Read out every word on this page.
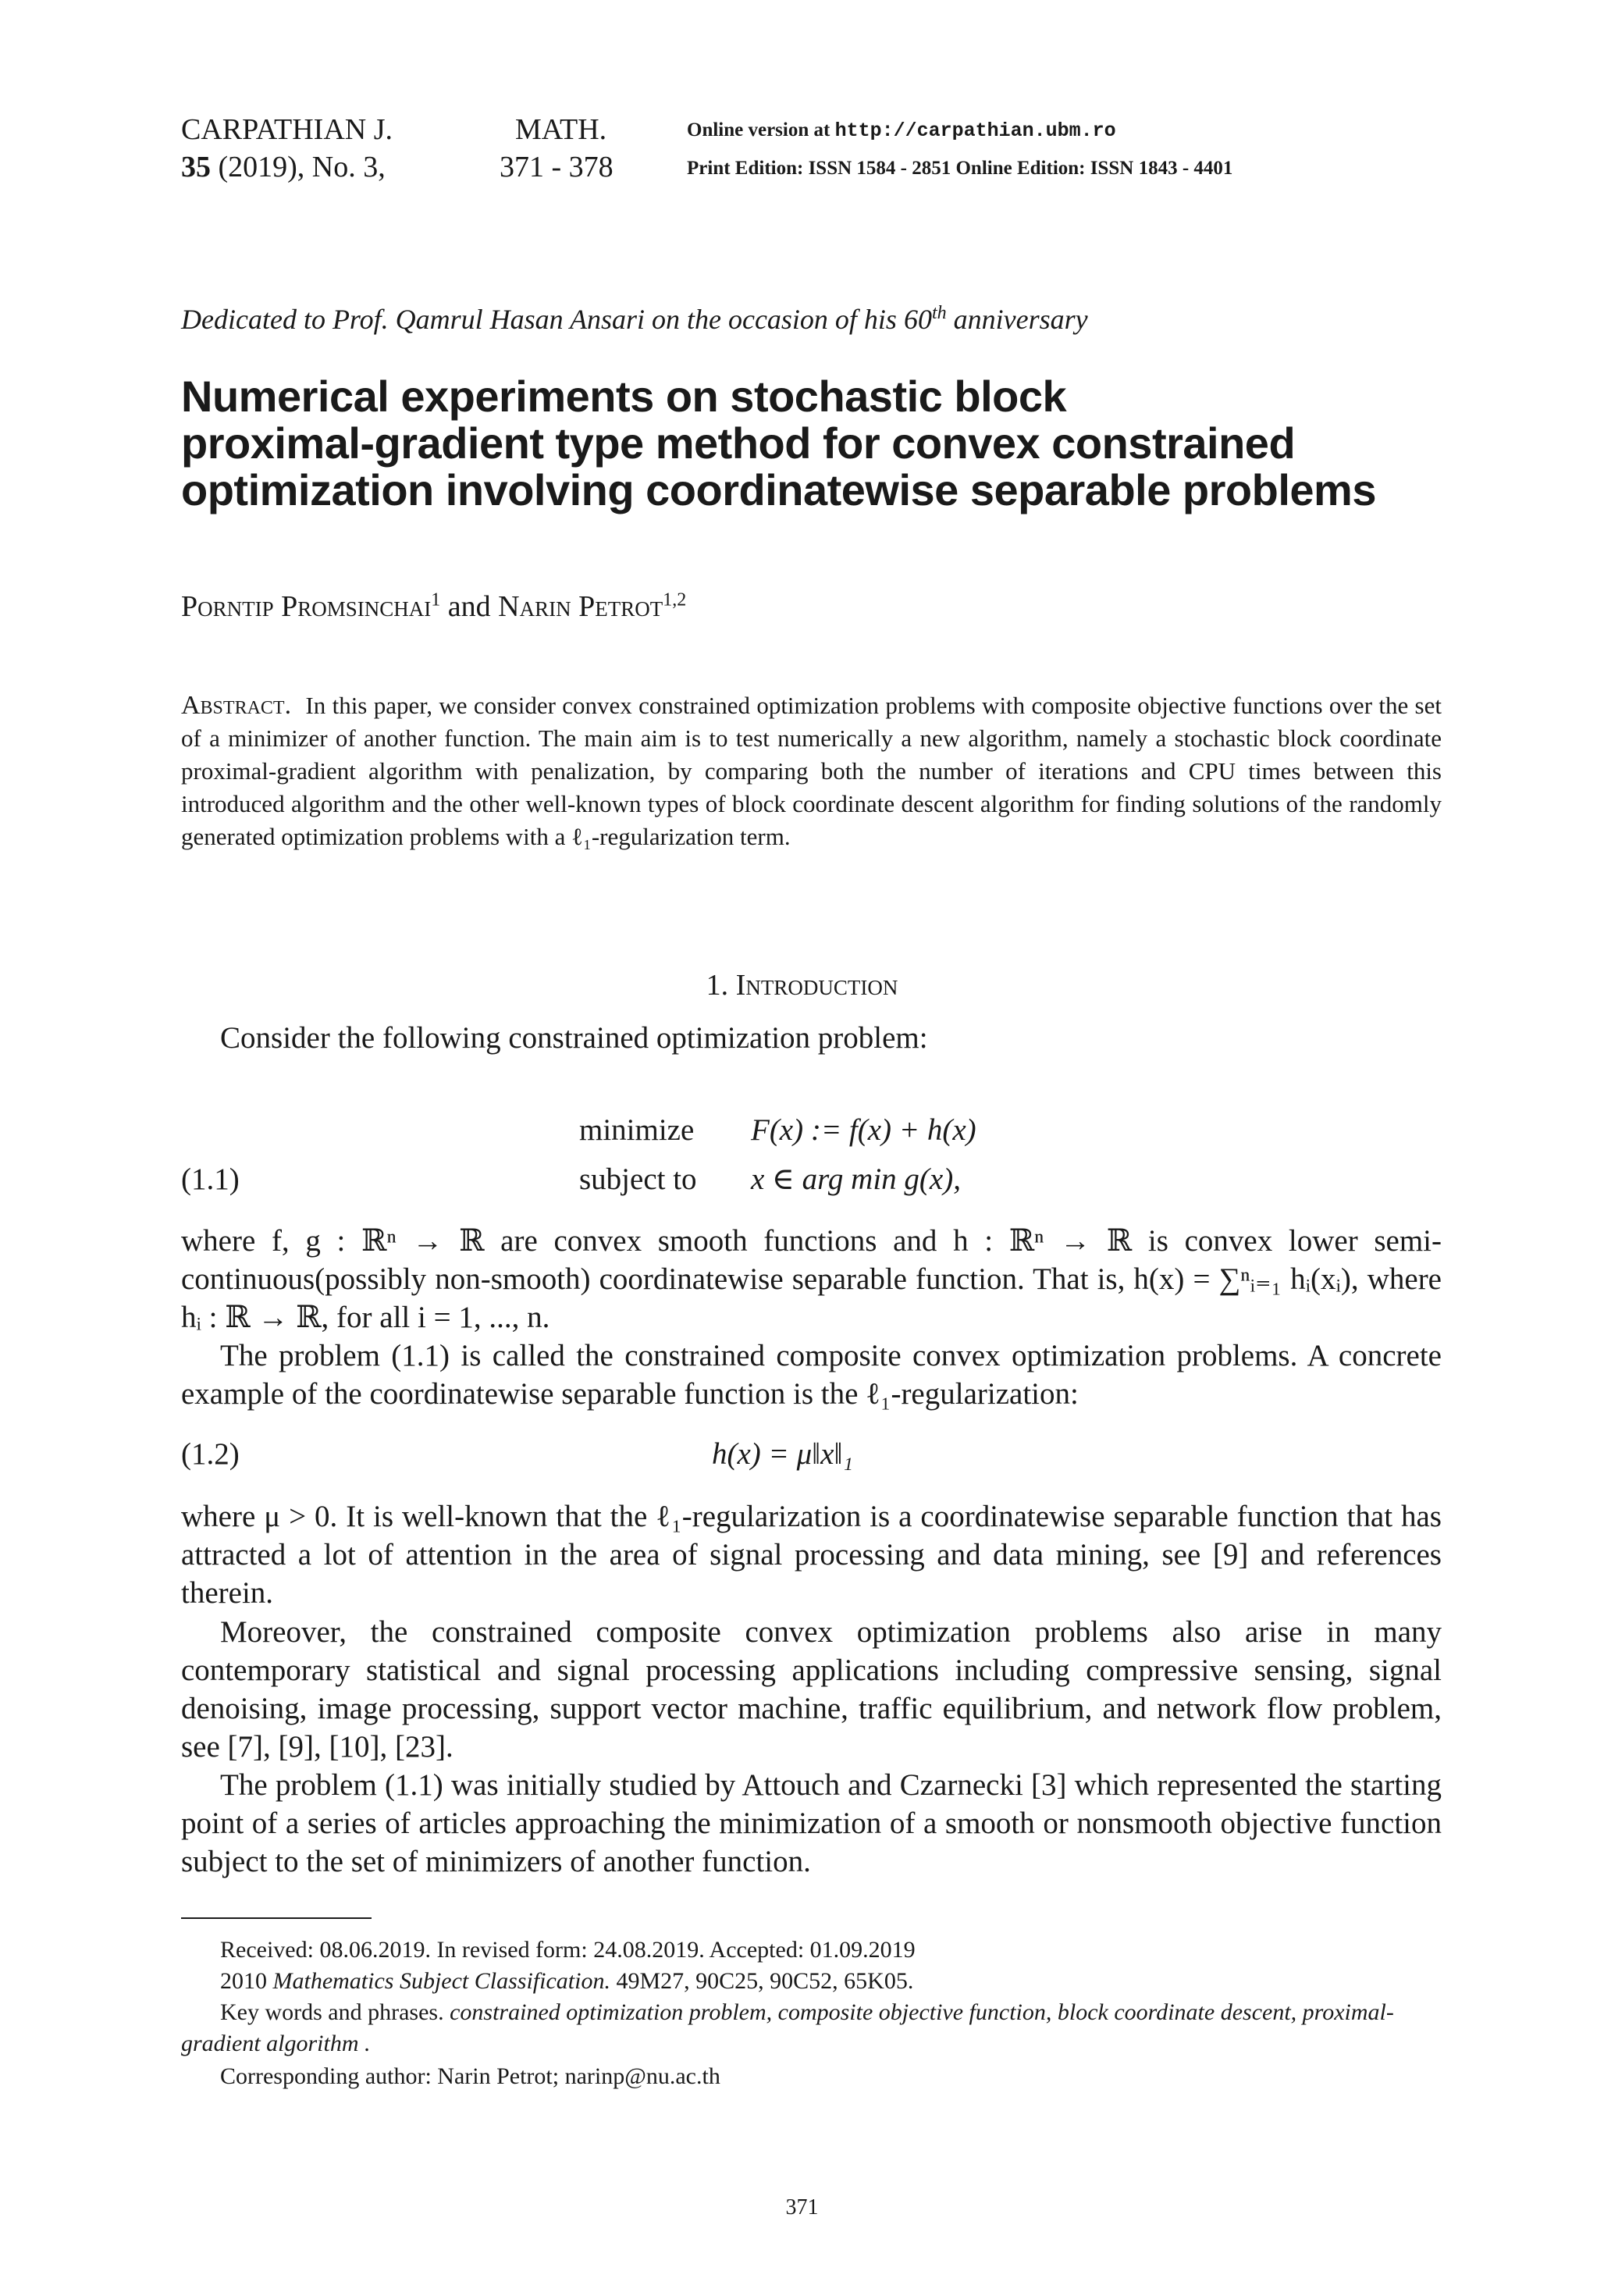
CARPATHIAN J.	MATH.
35 (2019), No. 3,	371 - 378
Online version at http://carpathian.ubm.ro
Print Edition: ISSN 1584 - 2851 Online Edition: ISSN 1843 - 4401
Dedicated to Prof. Qamrul Hasan Ansari on the occasion of his 60th anniversary
Numerical experiments on stochastic block
proximal-gradient type method for convex constrained
optimization involving coordinatewise separable problems
Porntip Promsinchai$^1$ and Narin Petrot$^{1,2}$
Abstract. In this paper, we consider convex constrained optimization problems with composite objective functions over the set of a minimizer of another function. The main aim is to test numerically a new algorithm, namely a stochastic block coordinate proximal-gradient algorithm with penalization, by comparing both the number of iterations and CPU times between this introduced algorithm and the other well-known types of block coordinate descent algorithm for finding solutions of the randomly generated optimization problems with a ℓ₁-regularization term.
1. Introduction
Consider the following constrained optimization problem:
minimize F(x) := f(x) + h(x)
(1.1)	subject to x ∈ arg min g(x),
where f, g : ℝⁿ → ℝ are convex smooth functions and h : ℝⁿ → ℝ is convex lower semi-continuous(possibly non-smooth) coordinatewise separable function. That is, h(x) = ∑ⁿᵢ₌₁ hᵢ(xᵢ), where hᵢ : ℝ → ℝ, for all i = 1, ..., n.
The problem (1.1) is called the constrained composite convex optimization problems. A concrete example of the coordinatewise separable function is the ℓ₁-regularization:
(1.2)	h(x) = μ‖x‖₁
where μ > 0. It is well-known that the ℓ₁-regularization is a coordinatewise separable function that has attracted a lot of attention in the area of signal processing and data mining, see [9] and references therein.
Moreover, the constrained composite convex optimization problems also arise in many contemporary statistical and signal processing applications including compressive sensing, signal denoising, image processing, support vector machine, traffic equilibrium, and network flow problem, see [7], [9], [10], [23].
The problem (1.1) was initially studied by Attouch and Czarnecki [3] which represented the starting point of a series of articles approaching the minimization of a smooth or nonsmooth objective function subject to the set of minimizers of another function.
Received: 08.06.2019. In revised form: 24.08.2019. Accepted: 01.09.2019
2010 Mathematics Subject Classification. 49M27, 90C25, 90C52, 65K05.
Key words and phrases. constrained optimization problem, composite objective function, block coordinate descent, proximal-gradient algorithm .
Corresponding author: Narin Petrot; narinp@nu.ac.th
371
